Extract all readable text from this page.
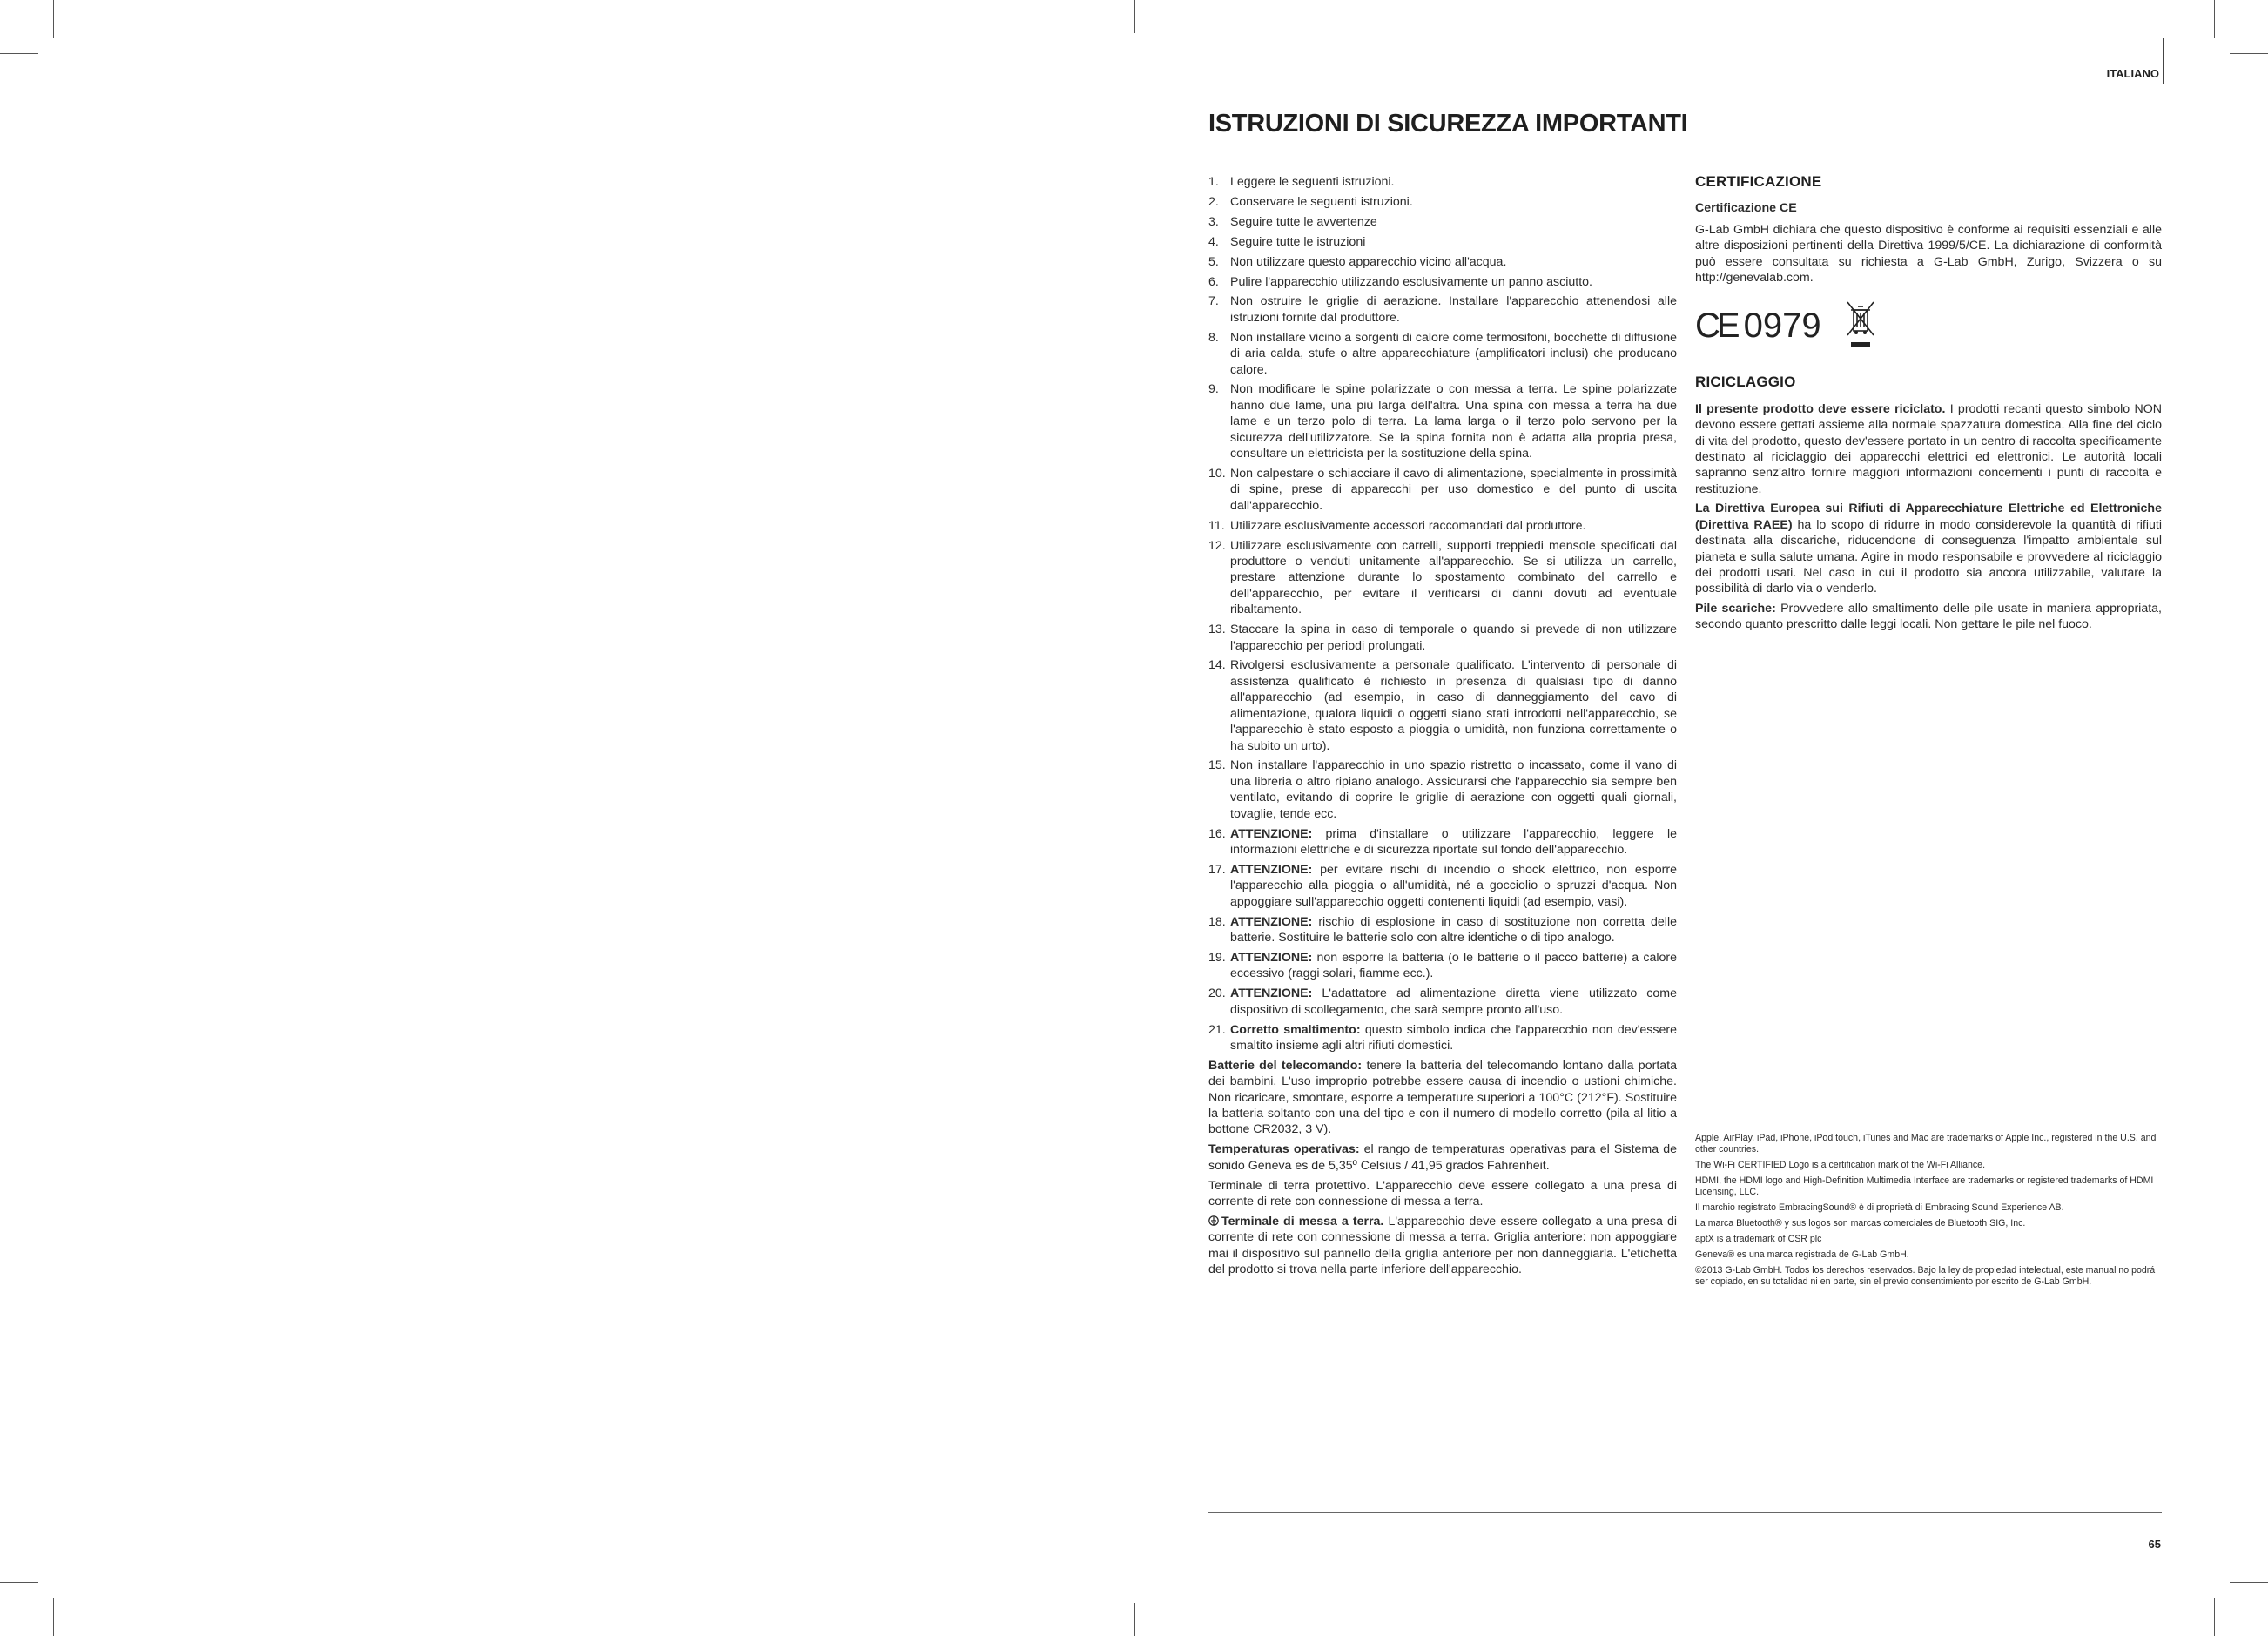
ITALIANO
ISTRUZIONI DI SICUREZZA IMPORTANTI
1. Leggere le seguenti istruzioni.
2. Conservare le seguenti istruzioni.
3. Seguire tutte le avvertenze
4. Seguire tutte le istruzioni
5. Non utilizzare questo apparecchio vicino all'acqua.
6. Pulire l'apparecchio utilizzando esclusivamente un panno asciutto.
7. Non ostruire le griglie di aerazione. Installare l'apparecchio attenendosi alle istruzioni fornite dal produttore.
8. Non installare vicino a sorgenti di calore come termosifoni, bocchette di diffusione di aria calda, stufe o altre apparecchiature (amplificatori inclusi) che producano calore.
9. Non modificare le spine polarizzate o con messa a terra. Le spine polarizzate hanno due lame, una più larga dell'altra. Una spina con messa a terra ha due lame e un terzo polo di terra. La lama larga o il terzo polo servono per la sicurezza dell'utilizzatore. Se la spina fornita non è adatta alla propria presa, consultare un elettricista per la sostituzione della spina.
10. Non calpestare o schiacciare il cavo di alimentazione, specialmente in prossimità di spine, prese di apparecchi per uso domestico e del punto di uscita dall'apparecchio.
11. Utilizzare esclusivamente accessori raccomandati dal produttore.
12. Utilizzare esclusivamente con carrelli, supporti treppiedi mensole specificati dal produttore o venduti unitamente all'apparecchio. Se si utilizza un carrello, prestare attenzione durante lo spostamento combinato del carrello e dell'apparecchio, per evitare il verificarsi di danni dovuti ad eventuale ribaltamento.
13. Staccare la spina in caso di temporale o quando si prevede di non utilizzare l'apparecchio per periodi prolungati.
14. Rivolgersi esclusivamente a personale qualificato. L'intervento di personale di assistenza qualificato è richiesto in presenza di qualsiasi tipo di danno all'apparecchio (ad esempio, in caso di danneggiamento del cavo di alimentazione, qualora liquidi o oggetti siano stati introdotti nell'apparecchio, se l'apparecchio è stato esposto a pioggia o umidità, non funziona correttamente o ha subito un urto).
15. Non installare l'apparecchio in uno spazio ristretto o incassato, come il vano di una libreria o altro ripiano analogo. Assicurarsi che l'apparecchio sia sempre ben ventilato, evitando di coprire le griglie di aerazione con oggetti quali giornali, tovaglie, tende ecc.
16. ATTENZIONE: prima d'installare o utilizzare l'apparecchio, leggere le informazioni elettriche e di sicurezza riportate sul fondo dell'apparecchio.
17. ATTENZIONE: per evitare rischi di incendio o shock elettrico, non esporre l'apparecchio alla pioggia o all'umidità, né a gocciolio o spruzzi d'acqua. Non appoggiare sull'apparecchio oggetti contenenti liquidi (ad esempio, vasi).
18. ATTENZIONE: rischio di esplosione in caso di sostituzione non corretta delle batterie. Sostituire le batterie solo con altre identiche o di tipo analogo.
19. ATTENZIONE: non esporre la batteria (o le batterie o il pacco batterie) a calore eccessivo (raggi solari, fiamme ecc.).
20. ATTENZIONE: L'adattatore ad alimentazione diretta viene utilizzato come dispositivo di scollegamento, che sarà sempre pronto all'uso.
21. Corretto smaltimento: questo simbolo indica che l'apparecchio non dev'essere smaltito insieme agli altri rifiuti domestici.

Batterie del telecomando: tenere la batteria del telecomando lontano dalla portata dei bambini. L'uso improprio potrebbe essere causa di incendio o ustioni chimiche. Non ricaricare, smontare, esporre a temperature superiori a 100°C (212°F). Sostituire la batteria soltanto con una del tipo e con il numero di modello corretto (pila al litio a bottone CR2032, 3 V).

Temperaturas operativas: el rango de temperaturas operativas para el Sistema de sonido Geneva es de 5,35º Celsius / 41,95 grados Fahrenheit.

Terminale di terra protettivo. L'apparecchio deve essere collegato a una presa di corrente di rete con connessione di messa a terra.

Terminale di messa a terra. L'apparecchio deve essere collegato a una presa di corrente di rete con connessione di messa a terra. Griglia anteriore: non appoggiare mai il dispositivo sul pannello della griglia anteriore per non danneggiarla. L'etichetta del prodotto si trova nella parte inferiore dell'apparecchio.

CERTIFICAZIONE
Certificazione CE

G-Lab GmbH dichiara che questo dispositivo è conforme ai requisiti essenziali e alle altre disposizioni pertinenti della Direttiva 1999/5/CE. La dichiarazione di conformità può essere consultata su richiesta a G-Lab GmbH, Zurigo, Svizzera o su http://genevalab.com.

CE 0979
RICICLAGGIO

Il presente prodotto deve essere riciclato. I prodotti recanti questo simbolo NON devono essere gettati assieme alla normale spazzatura domestica. Alla fine del ciclo di vita del prodotto, questo dev'essere portato in un centro di raccolta specificamente destinato al riciclaggio dei apparecchi elettrici ed elettronici. Le autorità locali sapranno senz'altro fornire maggiori informazioni concernenti i punti di raccolta e restituzione.

La Direttiva Europea sui Rifiuti di Apparecchiature Elettriche ed Elettroniche (Direttiva RAEE) ha lo scopo di ridurre in modo considerevole la quantità di rifiuti destinata alla discariche, riducendone di conseguenza l'impatto ambientale sul pianeta e sulla salute umana. Agire in modo responsabile e provvedere al riciclaggio dei prodotti usati. Nel caso in cui il prodotto sia ancora utilizzabile, valutare la possibilità di darlo via o venderlo.

Pile scariche: Provvedere allo smaltimento delle pile usate in maniera appropriata, secondo quanto prescritto dalle leggi locali. Non gettare le pile nel fuoco.

Apple, AirPlay, iPad, iPhone, iPod touch, iTunes and Mac are trademarks of Apple Inc., registered in the U.S. and other countries.

The Wi-Fi CERTIFIED Logo is a certification mark of the Wi-Fi Alliance.

HDMI, the HDMI logo and High-Definition Multimedia Interface are trademarks or registered trademarks of HDMI Licensing, LLC.

Il marchio registrato EmbracingSound® è di proprietà di Embracing Sound Experience AB.

La marca Bluetooth® y sus logos son marcas comerciales de Bluetooth SIG, Inc.

aptX is a trademark of CSR plc

Geneva® es una marca registrada de G-Lab GmbH.

©2013 G-Lab GmbH. Todos los derechos reservados. Bajo la ley de propiedad intelectual, este manual no podrá ser copiado, en su totalidad ni en parte, sin el previo consentimiento por escrito de G-Lab GmbH.

65
